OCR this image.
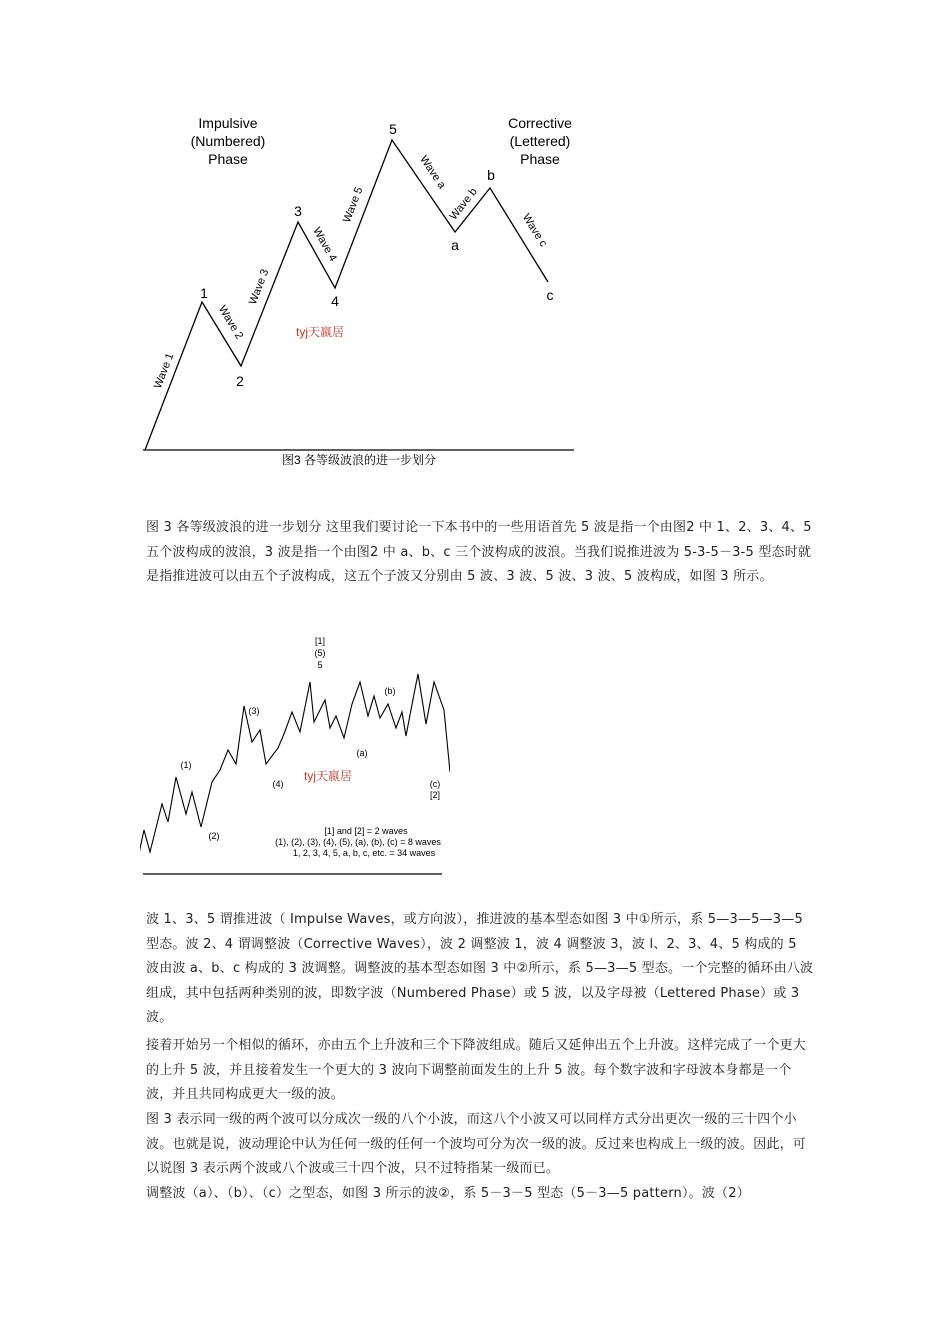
Impulsive
(Numbered)
Phase
Corrective
(Lettered)
Phase
1
2
3
4
5
a
b
c
Wave 1
Wave 2
Wave 3
Wave 4
Wave 5
Wave a
Wave b
Wave c
tyj天嬴居
图3 各等级波浪的进一步划分

图 3 各等级波浪的进一步划分 这里我们要讨论一下本书中的一些用语首先 5 波是指一个由图2 中 1、2、3、4、5 五个波构成的波浪，3 波是指一个由图2 中 a、b、c 三个波构成的波浪。当我们说推进波为 5-3-5－3-5 型态时就是指推进波可以由五个子波构成，这五个子波又分别由 5 波、3 波、5 波、3 波、5 波构成，如图 3 所示。

[1]
(5)
5
(1)
(2)
(3)
(4)
(a)
(b)
(c)
[2]
tyj天嬴居
[1] and [2] = 2 waves
(1), (2), (3), (4), (5), (a), (b), (c) = 8 waves
1, 2, 3, 4, 5, a, b, c, etc. = 34 waves

波 1、3、5 谓推进波（ Impulse Waves，或方向波），推进波的基本型态如图 3 中①所示，系 5—3—5—3—5 型态。波 2、4 谓调整波（Corrective Waves），波 2 调整波 1，波 4 调整波 3，波 l、2、3、4、5 构成的 5 波由波 a、b、c 构成的 3 波调整。调整波的基本型态如图 3 中②所示，系 5—3—5 型态。一个完整的循环由八波组成，其中包括两种类别的波，即数字波（Numbered Phase）或 5 波，以及字母被（Lettered Phase）或 3 波。

接着开始另一个相似的循环，亦由五个上升波和三个下降波组成。随后又延伸出五个上升波。这样完成了一个更大的上升 5 波，并且接着发生一个更大的 3 波向下调整前面发生的上升 5 波。每个数字波和字母波本身都是一个波，并且共同构成更大一级的波。

图 3 表示同一级的两个波可以分成次一级的八个小波，而这八个小波又可以同样方式分出更次一级的三十四个小波。也就是说，波动理论中认为任何一级的任何一个波均可分为次一级的波。反过来也构成上一级的波。因此，可以说图 3 表示两个波或八个波或三十四个波，只不过特指某一级而已。

调整波（a）、（b）、（c）之型态，如图 3 所示的波②，系 5－3－5 型态（5－3—5 pattern）。波（2）
